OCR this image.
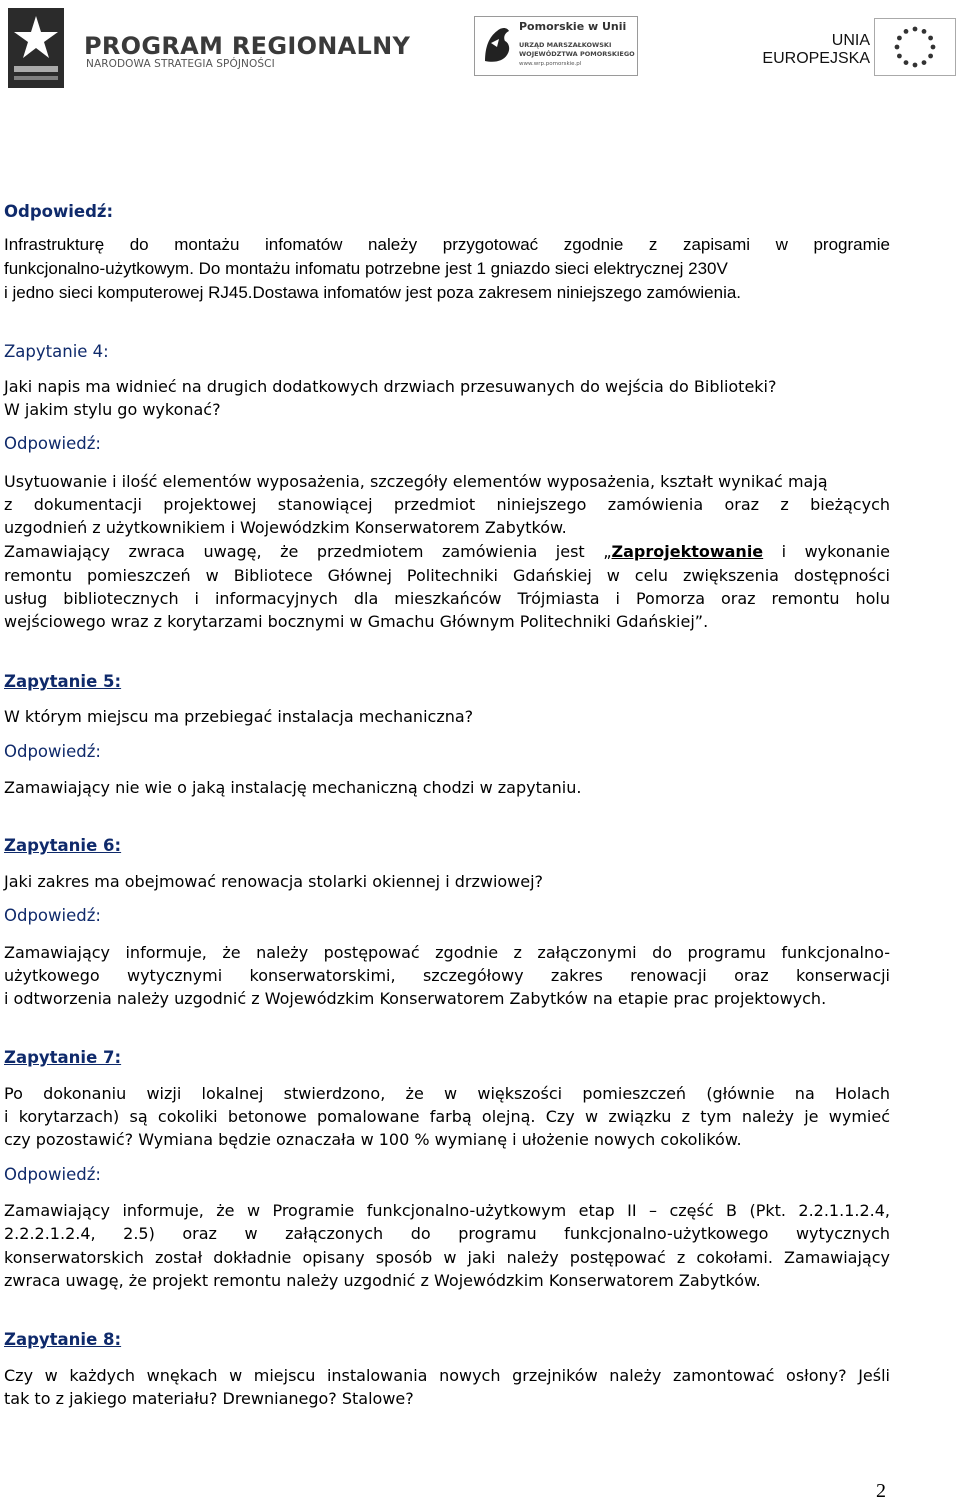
PROGRAM REGIONALNY
NARODOWA STRATEGIA SPÓJNOŚCI
Pomorskie w Unii
URZĄD MARSZAŁKOWSKI
WOJEWÓDZTWA POMORSKIEGO
www.wrp.pomorskie.pl
UNIA
EUROPEJSKA
Odpowiedź:
Infrastrukturę do montażu infomatów należy przygotować zgodnie z zapisami w programie
funkcjonalno-użytkowym. Do montażu infomatu potrzebne jest 1 gniazdo sieci elektrycznej 230V
i jedno sieci komputerowej RJ45.Dostawa infomatów jest poza zakresem niniejszego zamówienia.
Zapytanie 4:
Jaki napis ma widnieć na drugich dodatkowych drzwiach przesuwanych do wejścia do Biblioteki?
W jakim stylu go wykonać?
Odpowiedź:
Usytuowanie i ilość elementów wyposażenia, szczegóły elementów wyposażenia, kształt wynikać mają
z dokumentacji projektowej stanowiącej przedmiot niniejszego zamówienia oraz z bieżących
uzgodnień z użytkownikiem i Wojewódzkim Konserwatorem Zabytków.
Zamawiający zwraca uwagę, że przedmiotem zamówienia jest „Zaprojektowanie i wykonanie
remontu pomieszczeń w Bibliotece Głównej Politechniki Gdańskiej w celu zwiększenia dostępności
usług bibliotecznych i informacyjnych dla mieszkańców Trójmiasta i Pomorza oraz remontu holu
wejściowego wraz z korytarzami bocznymi w Gmachu Głównym Politechniki Gdańskiej”.
Zapytanie 5:
W którym miejscu ma przebiegać instalacja mechaniczna?
Odpowiedź:
Zamawiający nie wie o jaką instalację mechaniczną chodzi w zapytaniu.
Zapytanie 6:
Jaki zakres ma obejmować renowacja stolarki okiennej i drzwiowej?
Odpowiedź:
Zamawiający informuje, że należy postępować zgodnie z załączonymi do programu funkcjonalno-
użytkowego wytycznymi konserwatorskimi, szczegółowy zakres renowacji oraz konserwacji
i odtworzenia należy uzgodnić z Wojewódzkim Konserwatorem Zabytków na etapie prac projektowych.
Zapytanie 7:
Po dokonaniu wizji lokalnej stwierdzono, że w większości pomieszczeń (głównie na Holach
i korytarzach) są cokoliki betonowe pomalowane farbą olejną. Czy w związku z tym należy je wymieć
czy pozostawić? Wymiana będzie oznaczała w 100 % wymianę i ułożenie nowych cokolików.
Odpowiedź:
Zamawiający informuje, że w Programie funkcjonalno-użytkowym etap II – część B (Pkt. 2.2.1.1.2.4,
2.2.2.1.2.4, 2.5) oraz w załączonych do programu funkcjonalno-użytkowego wytycznych
konserwatorskich został dokładnie opisany sposób w jaki należy postępować z cokołami. Zamawiający
zwraca uwagę, że projekt remontu należy uzgodnić z Wojewódzkim Konserwatorem Zabytków.
Zapytanie 8:
Czy w każdych wnękach w miejscu instalowania nowych grzejników należy zamontować osłony? Jeśli
tak to z jakiego materiału? Drewnianego? Stalowe?
2
